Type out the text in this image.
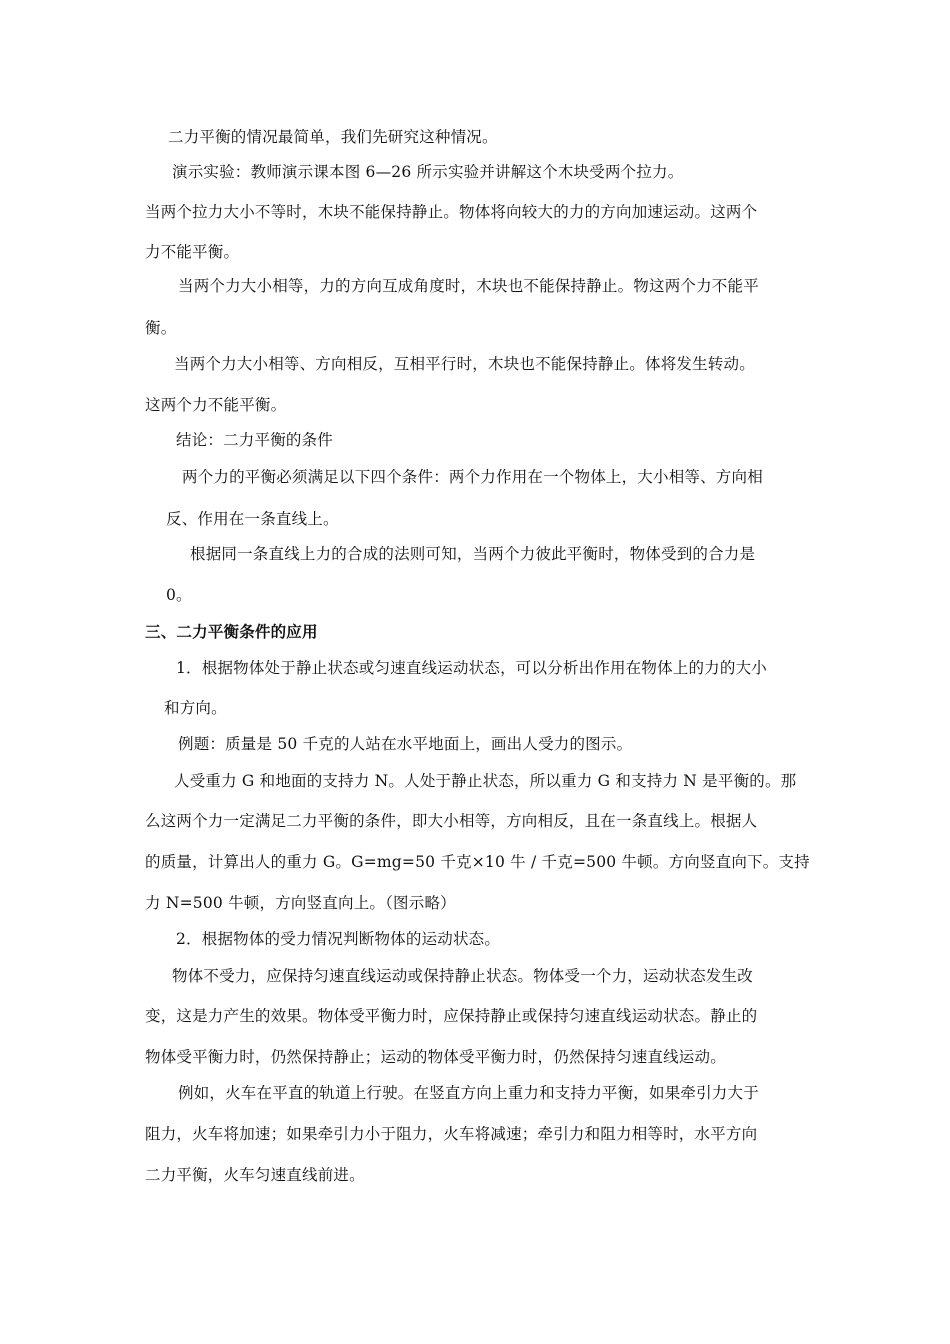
二力平衡的情况最简单，我们先研究这种情况。
演示实验：教师演示课本图 6—26 所示实验并讲解这个木块受两个拉力。
当两个拉力大小不等时，木块不能保持静止。物体将向较大的力的方向加速运动。这两个
力不能平衡。
当两个力大小相等，力的方向互成角度时，木块也不能保持静止。物这两个力不能平
衡。
当两个力大小相等、方向相反，互相平行时，木块也不能保持静止。体将发生转动。
这两个力不能平衡。
结论：二力平衡的条件
两个力的平衡必须满足以下四个条件：两个力作用在一个物体上，大小相等、方向相
反、作用在一条直线上。
根据同一条直线上力的合成的法则可知，当两个力彼此平衡时，物体受到的合力是
0。
三、二力平衡条件的应用
1．根据物体处于静止状态或匀速直线运动状态，可以分析出作用在物体上的力的大小
和方向。
例题：质量是 50 千克的人站在水平地面上，画出人受力的图示。
人受重力 G 和地面的支持力 N。人处于静止状态，所以重力 G 和支持力 N 是平衡的。那
么这两个力一定满足二力平衡的条件，即大小相等，方向相反，且在一条直线上。根据人
的质量，计算出人的重力 G。G=mg=50 千克×10 牛 / 千克=500 牛顿。方向竖直向下。支持
力 N=500 牛顿，方向竖直向上。（图示略）
2．根据物体的受力情况判断物体的运动状态。
物体不受力，应保持匀速直线运动或保持静止状态。物体受一个力，运动状态发生改
变，这是力产生的效果。物体受平衡力时，应保持静止或保持匀速直线运动状态。静止的
物体受平衡力时，仍然保持静止；运动的物体受平衡力时，仍然保持匀速直线运动。
例如，火车在平直的轨道上行驶。在竖直方向上重力和支持力平衡，如果牵引力大于
阻力，火车将加速；如果牵引力小于阻力，火车将减速；牵引力和阻力相等时，水平方向
二力平衡，火车匀速直线前进。
